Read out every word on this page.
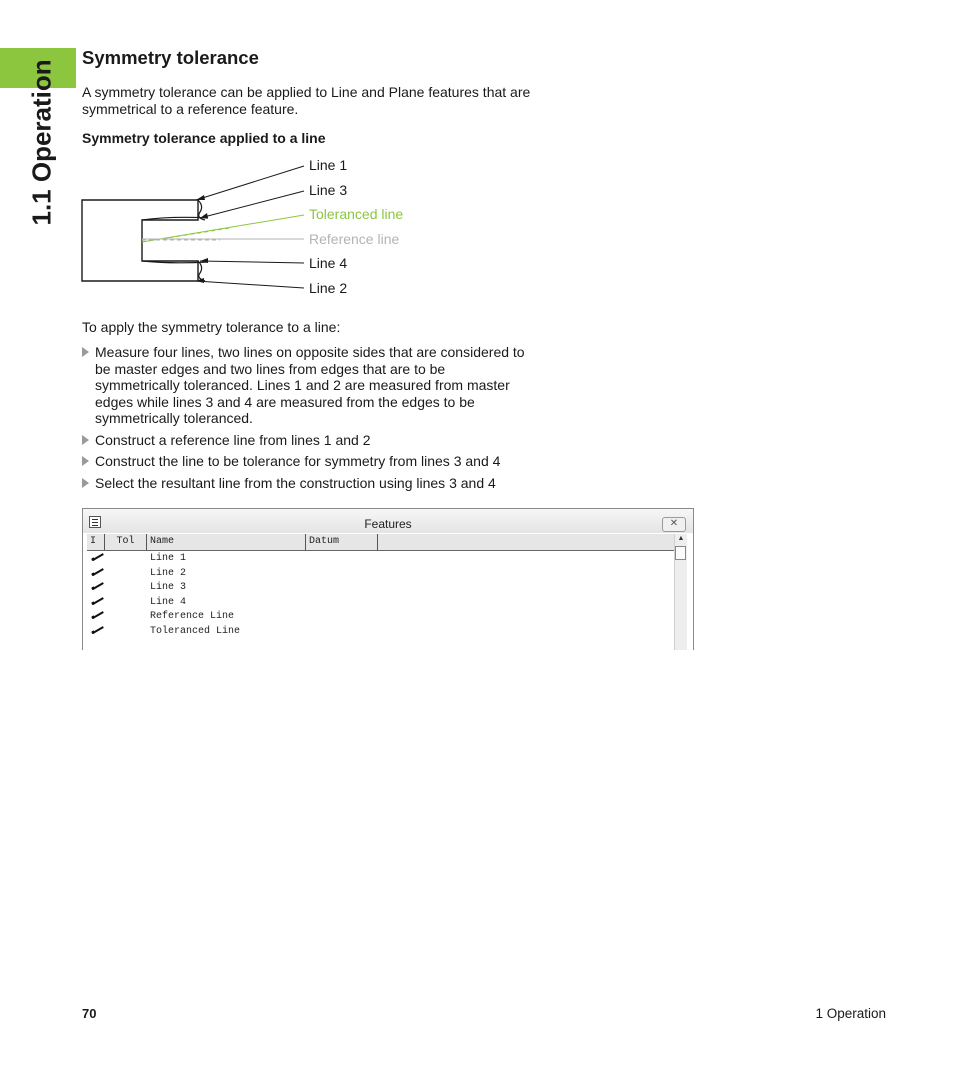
1.1 Operation
Symmetry tolerance

A symmetry tolerance can be applied to Line and Plane features that are symmetrical to a reference feature.

Symmetry tolerance applied to a line
Line 1
Line 3
Toleranced line
Reference line
Line 4
Line 2

To apply the symmetry tolerance to a line:

Measure four lines, two lines on opposite sides that are considered to be master edges and two lines from edges that are to be symmetrically toleranced. Lines 1 and 2 are measured from master edges while lines 3 and 4 are measured from the edges to be symmetrically toleranced.
Construct a reference line from lines 1 and 2
Construct the line to be tolerance for symmetry from lines 3 and 4
Select the resultant line from the construction using lines 3 and 4
Features	✕
I	Tol	Name	Datum	▲
Line 1
Line 2
Line 3
Line 4
Reference Line
Toleranced Line
70	1 Operation
